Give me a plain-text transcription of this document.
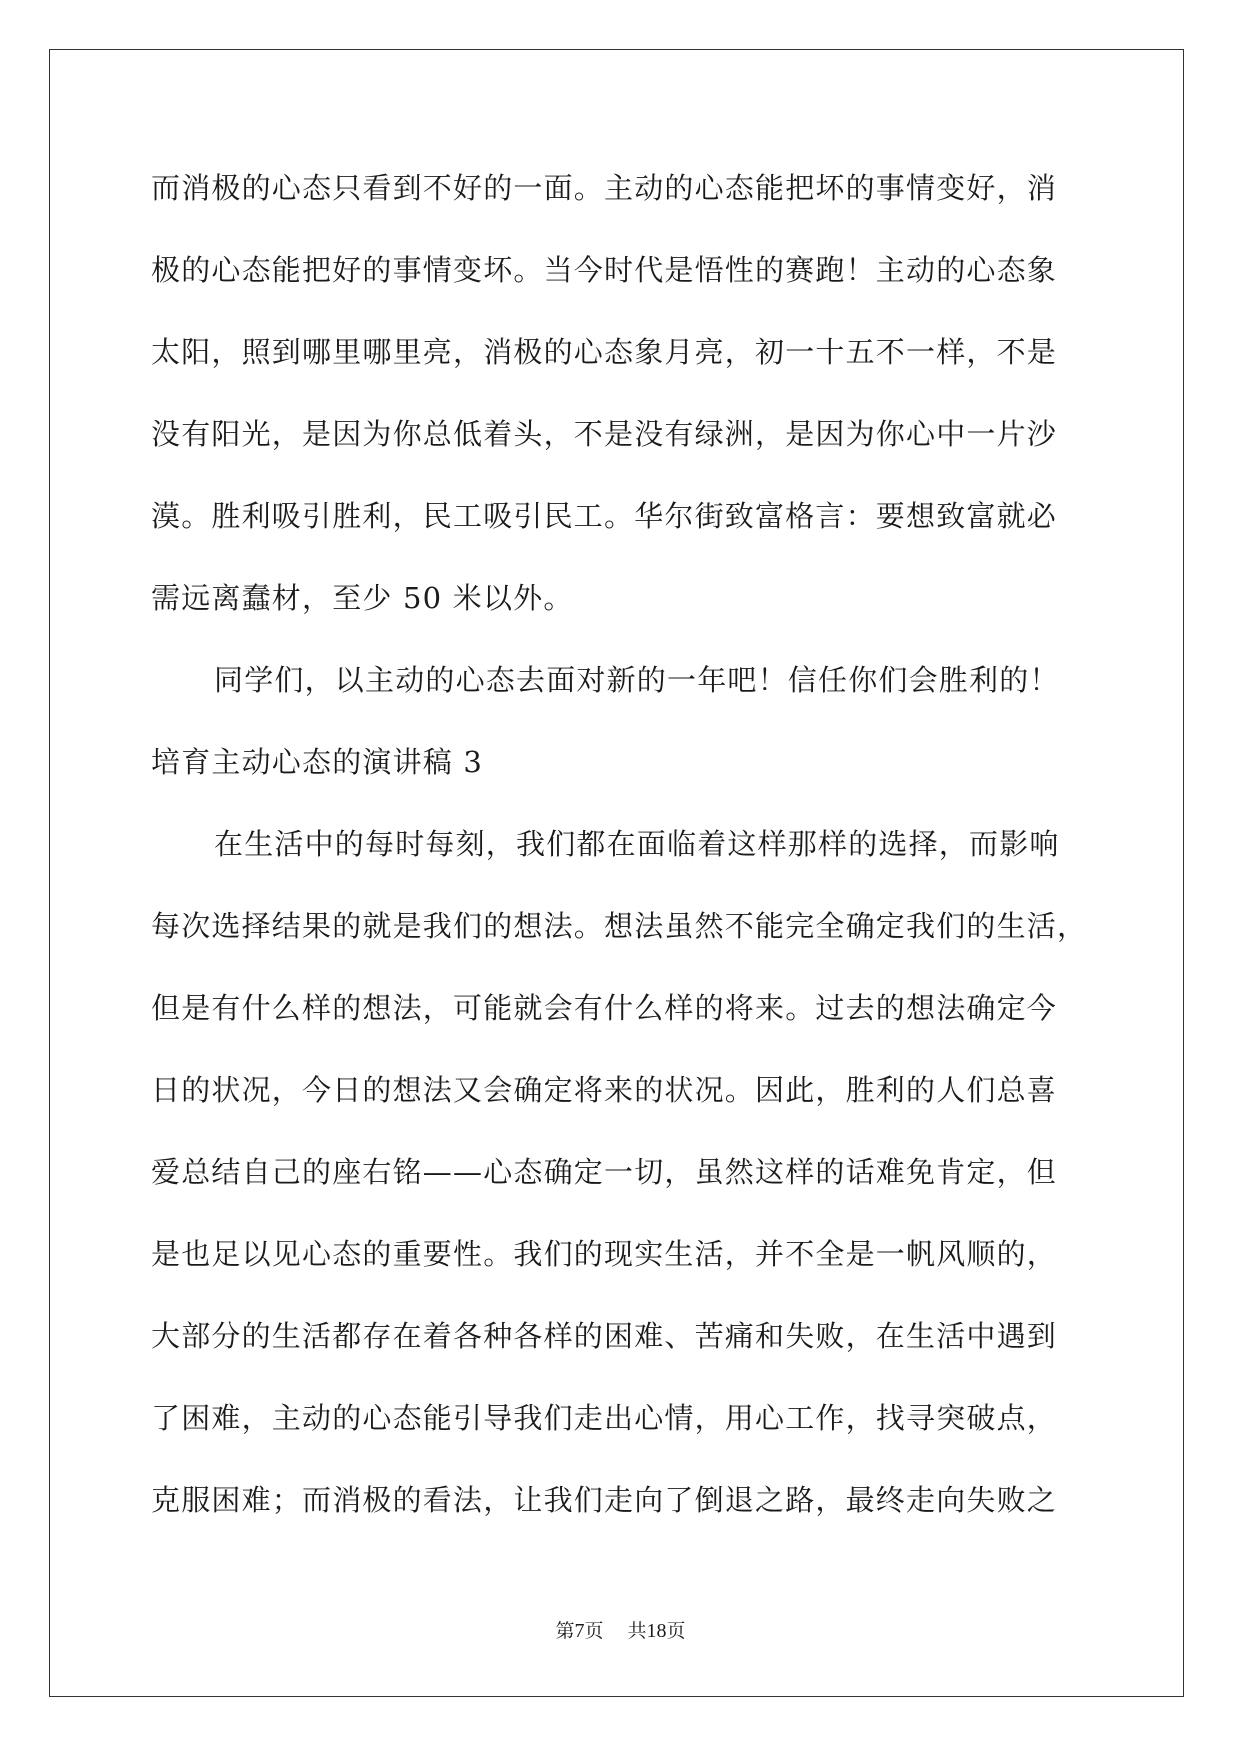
而消极的心态只看到不好的一面。主动的心态能把坏的事情变好，消
极的心态能把好的事情变坏。当今时代是悟性的赛跑！主动的心态象
太阳，照到哪里哪里亮，消极的心态象月亮，初一十五不一样，不是
没有阳光，是因为你总低着头，不是没有绿洲，是因为你心中一片沙
漠。胜利吸引胜利，民工吸引民工。华尔街致富格言：要想致富就必
需远离蠢材，至少 50 米以外。
同学们，以主动的心态去面对新的一年吧！信任你们会胜利的！
培育主动心态的演讲稿 3
在生活中的每时每刻，我们都在面临着这样那样的选择，而影响
每次选择结果的就是我们的想法。想法虽然不能完全确定我们的生活，
但是有什么样的想法，可能就会有什么样的将来。过去的想法确定今
日的状况，今日的想法又会确定将来的状况。因此，胜利的人们总喜
爱总结自己的座右铭——心态确定一切，虽然这样的话难免肯定，但
是也足以见心态的重要性。我们的现实生活，并不全是一帆风顺的，
大部分的生活都存在着各种各样的困难、苦痛和失败，在生活中遇到
了困难，主动的心态能引导我们走出心情，用心工作，找寻突破点，
克服困难；而消极的看法，让我们走向了倒退之路，最终走向失败之
第7页 共18页
